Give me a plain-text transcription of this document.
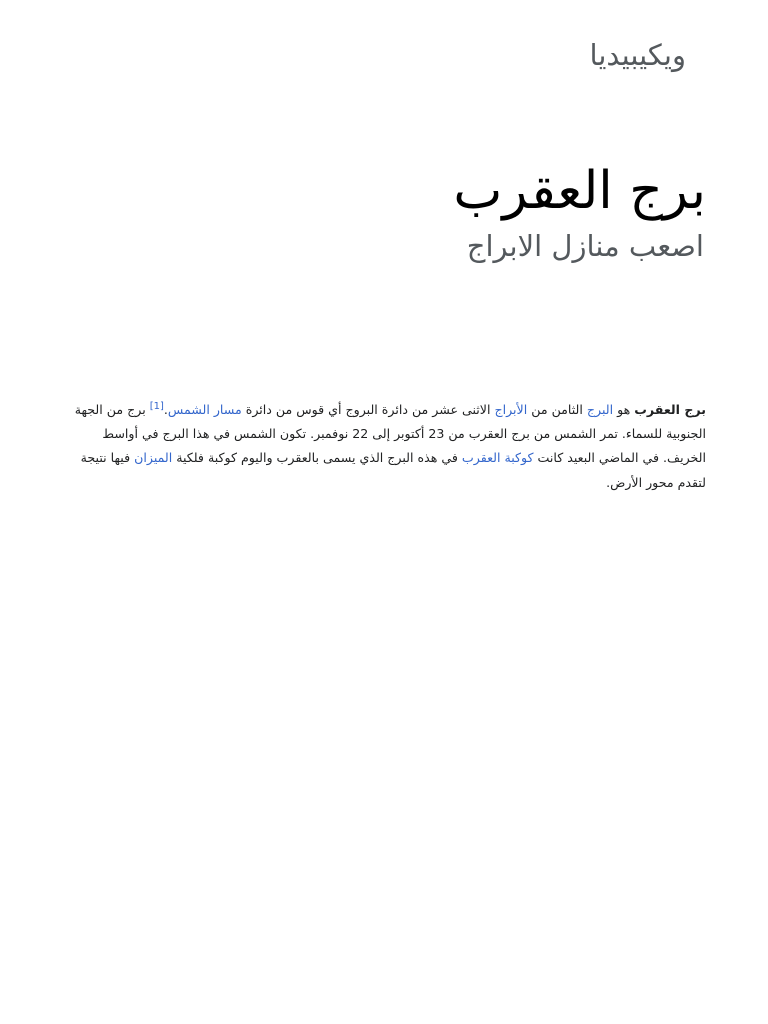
ويكيبيديا
برج العقرب
اصعب منازل الابراج

برج العقرب هو البرج الثامن من الأبراج الاثنى عشر من دائرة البروج أي قوس من دائرة مسار الشمس.[1] برج من الجهة الجنوبية للسماء. تمر الشمس من برج العقرب من 23 أكتوبر إلى 22 نوفمبر. تكون الشمس في هذا البرج في أواسط الخريف. في الماضي البعيد كانت كوكبة العقرب في هذه البرج الذي يسمى بالعقرب واليوم كوكبة فلكية الميزان فيها نتيجة لتقدم محور الأرض.
